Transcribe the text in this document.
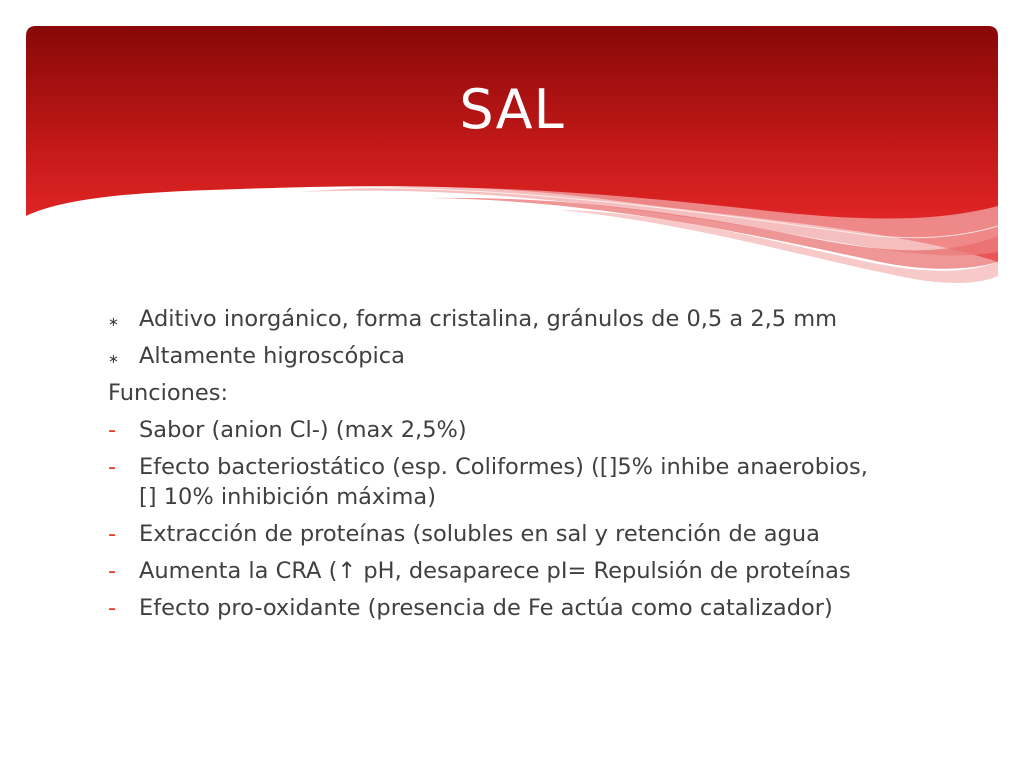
SAL
∗ Aditivo inorgánico, forma cristalina, gránulos de 0,5 a 2,5 mm
∗ Altamente higroscópica
Funciones:
-	Sabor (anion Cl-) (max 2,5%)
-	Efecto bacteriostático (esp. Coliformes) ([]5% inhibe anaerobios,
[] 10% inhibición máxima)
-	Extracción de proteínas (solubles en sal y retención de agua
-	Aumenta la CRA (↑ pH, desaparece pI= Repulsión de proteínas
-	Efecto pro-oxidante (presencia de Fe actúa como catalizador)
